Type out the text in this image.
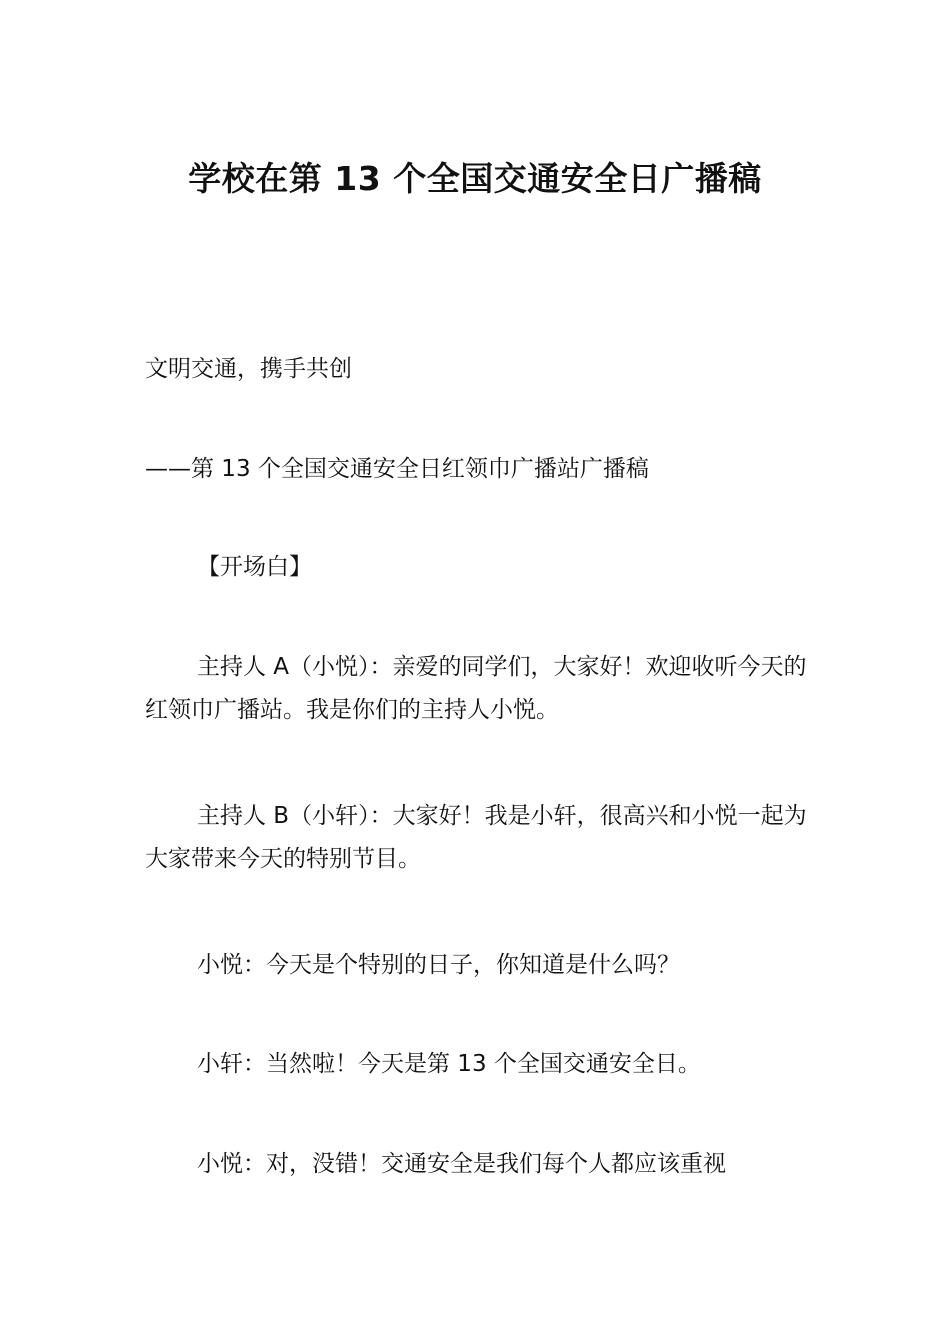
学校在第 13 个全国交通安全日广播稿

文明交通，携手共创

——第 13 个全国交通安全日红领巾广播站广播稿

【开场白】

主持人 A（小悦）：亲爱的同学们，大家好！欢迎收听今天的红领巾广播站。我是你们的主持人小悦。

主持人 B（小轩）：大家好！我是小轩，很高兴和小悦一起为大家带来今天的特别节目。

小悦：今天是个特别的日子，你知道是什么吗？

小轩：当然啦！今天是第 13 个全国交通安全日。

小悦：对，没错！交通安全是我们每个人都应该重视
